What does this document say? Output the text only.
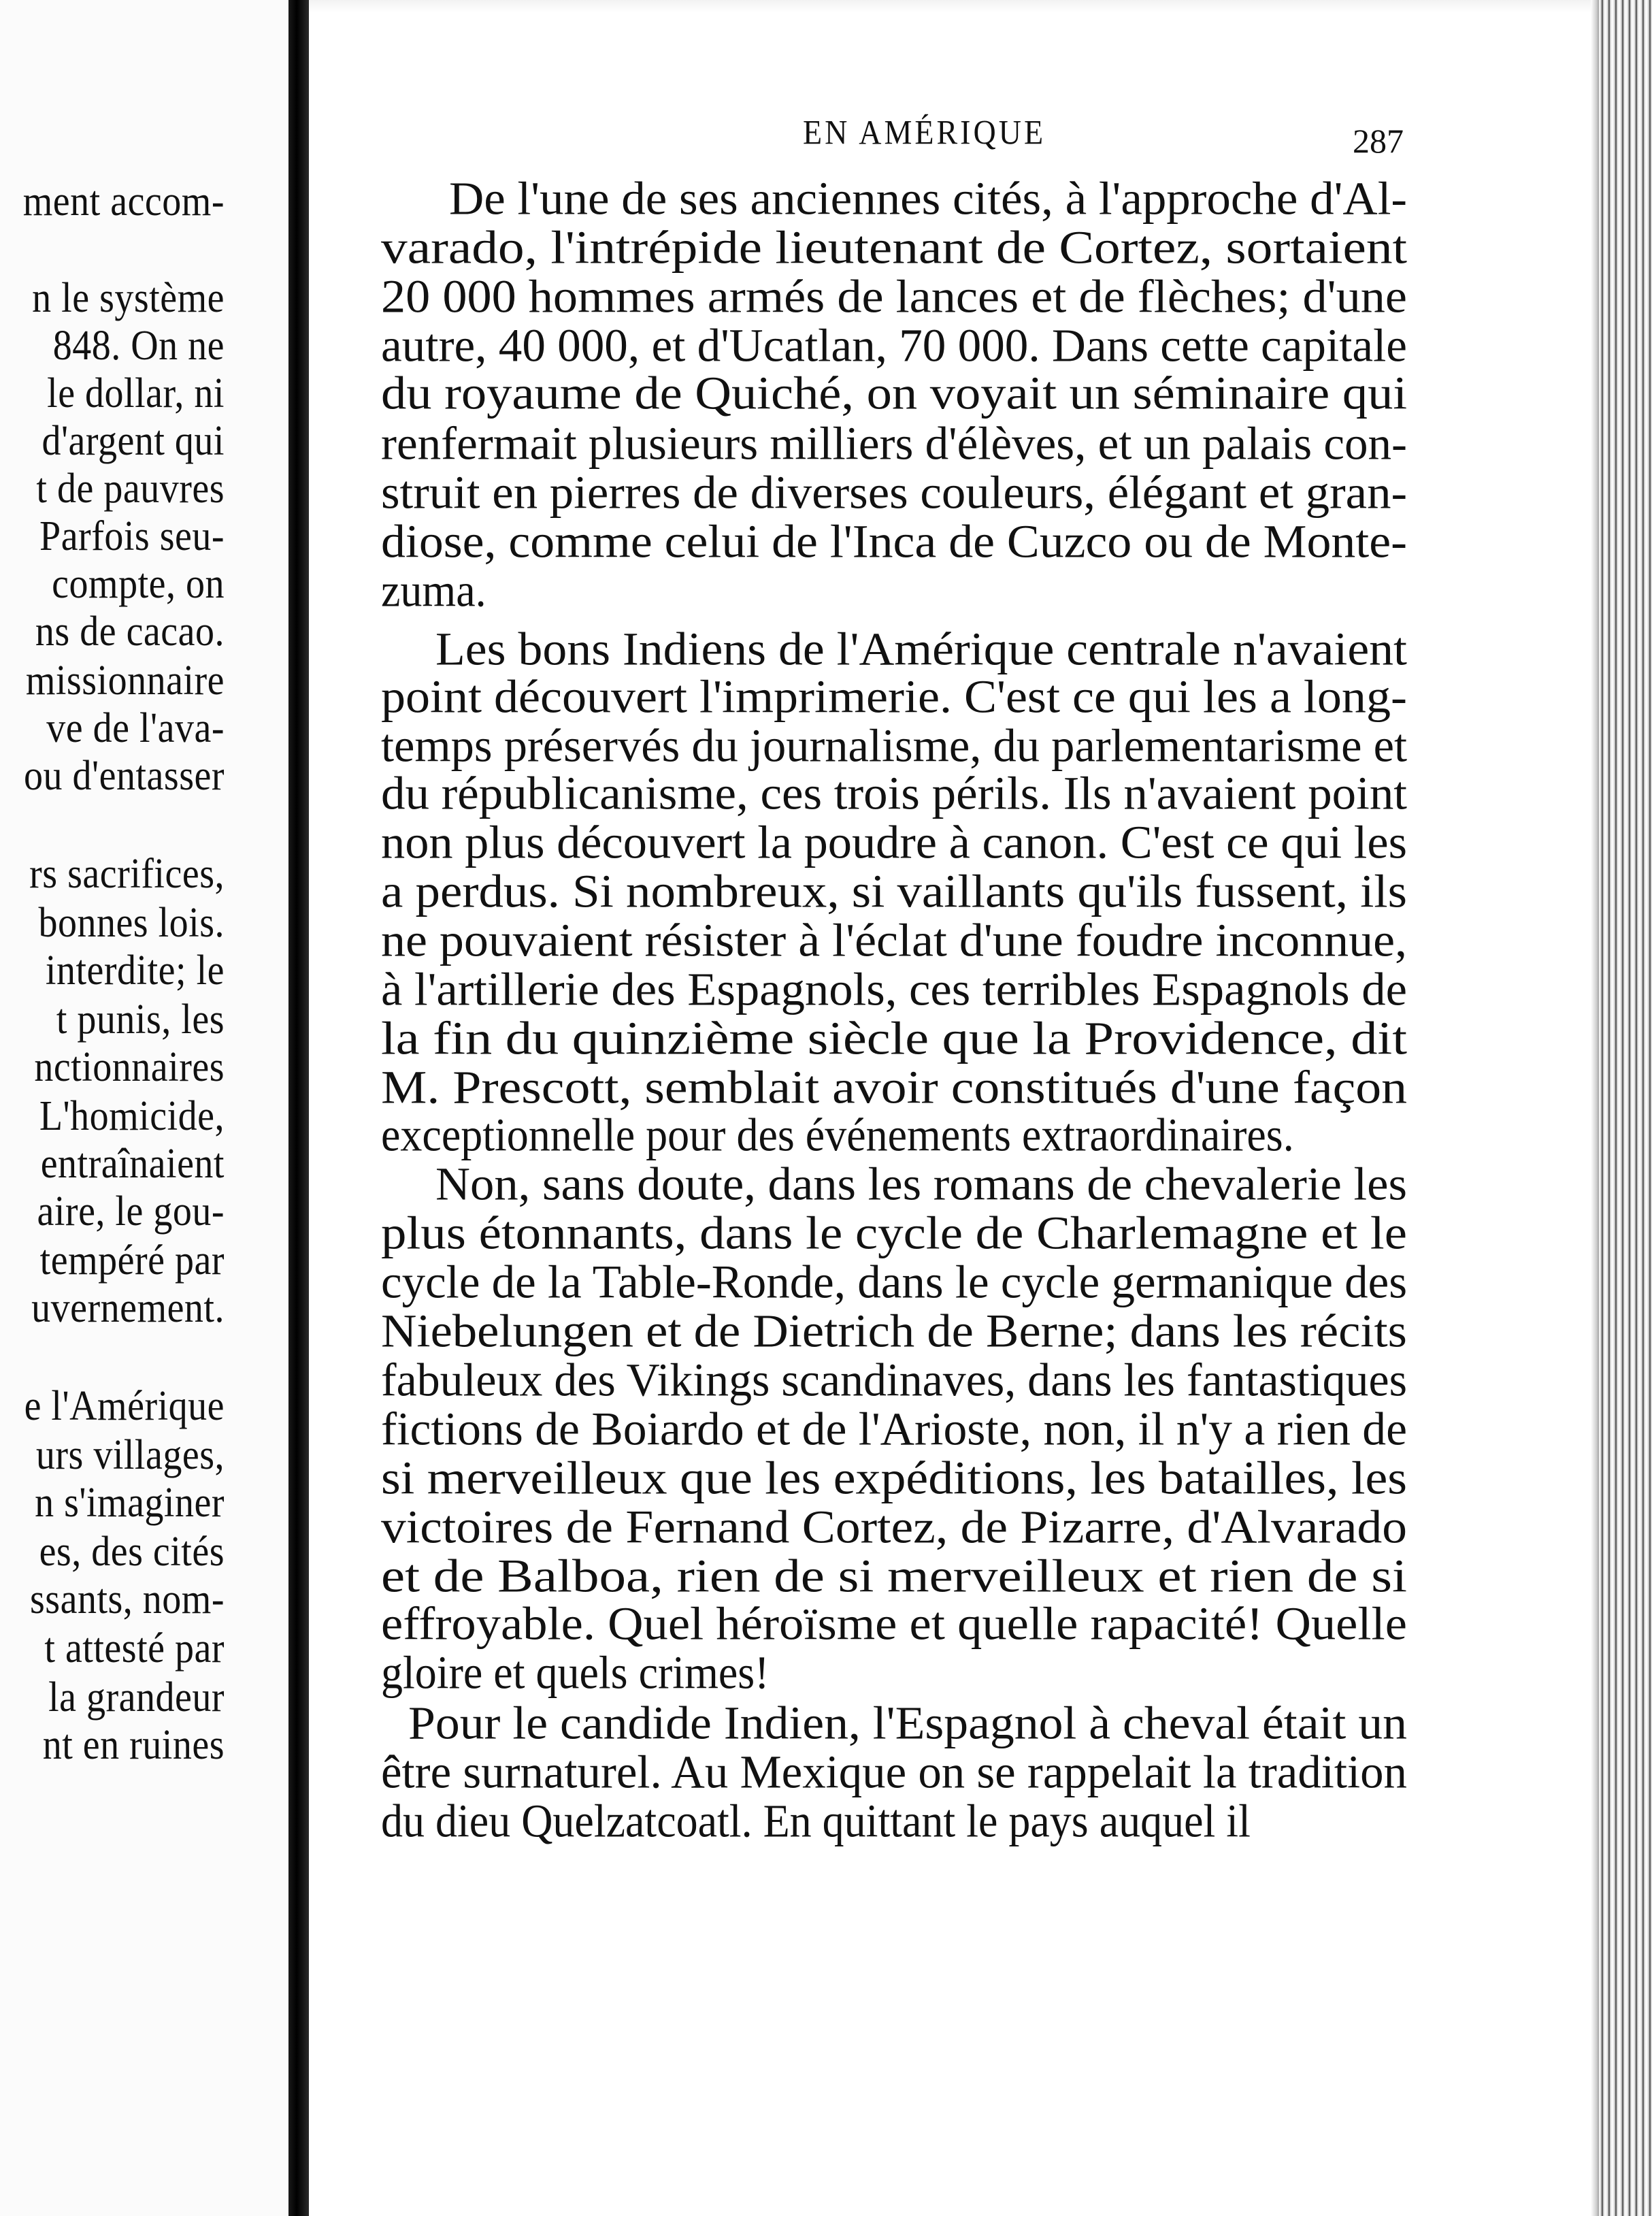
ment accom-
n le système
848. On ne
le dollar, ni
d'argent qui
t de pauvres
Parfois seu-
compte, on
ns de cacao.
missionnaire
ve de l'ava-
ou d'entasser
rs sacrifices,
bonnes lois.
interdite; le
t punis, les
nctionnaires
L'homicide,
entraînaient
aire, le gou-
tempéré par
uvernement.
e l'Amérique
urs villages,
n s'imaginer
es, des cités
ssants, nom-
t attesté par
la grandeur
nt en ruines
EN AMÉRIQUE	287
De l'une de ses anciennes cités, à l'approche d'Al-
varado, l'intrépide lieutenant de Cortez, sortaient
20 000 hommes armés de lances et de flèches; d'une
autre, 40 000, et d'Ucatlan, 70 000. Dans cette capitale
du royaume de Quiché, on voyait un séminaire qui
renfermait plusieurs milliers d'élèves, et un palais con-
struit en pierres de diverses couleurs, élégant et gran-
diose, comme celui de l'Inca de Cuzco ou de Monte-
zuma.
Les bons Indiens de l'Amérique centrale n'avaient
point découvert l'imprimerie. C'est ce qui les a long-
temps préservés du journalisme, du parlementarisme et
du républicanisme, ces trois périls. Ils n'avaient point
non plus découvert la poudre à canon. C'est ce qui les
a perdus. Si nombreux, si vaillants qu'ils fussent, ils
ne pouvaient résister à l'éclat d'une foudre inconnue,
à l'artillerie des Espagnols, ces terribles Espagnols de
la fin du quinzième siècle que la Providence, dit
M. Prescott, semblait avoir constitués d'une façon
exceptionnelle pour des événements extraordinaires.
Non, sans doute, dans les romans de chevalerie les
plus étonnants, dans le cycle de Charlemagne et le
cycle de la Table-Ronde, dans le cycle germanique des
Niebelungen et de Dietrich de Berne; dans les récits
fabuleux des Vikings scandinaves, dans les fantastiques
fictions de Boiardo et de l'Arioste, non, il n'y a rien de
si merveilleux que les expéditions, les batailles, les
victoires de Fernand Cortez, de Pizarre, d'Alvarado
et de Balboa, rien de si merveilleux et rien de si
effroyable. Quel héroïsme et quelle rapacité! Quelle
gloire et quels crimes!
Pour le candide Indien, l'Espagnol à cheval était un
être surnaturel. Au Mexique on se rappelait la tradition
du dieu Quelzatcoatl. En quittant le pays auquel il
